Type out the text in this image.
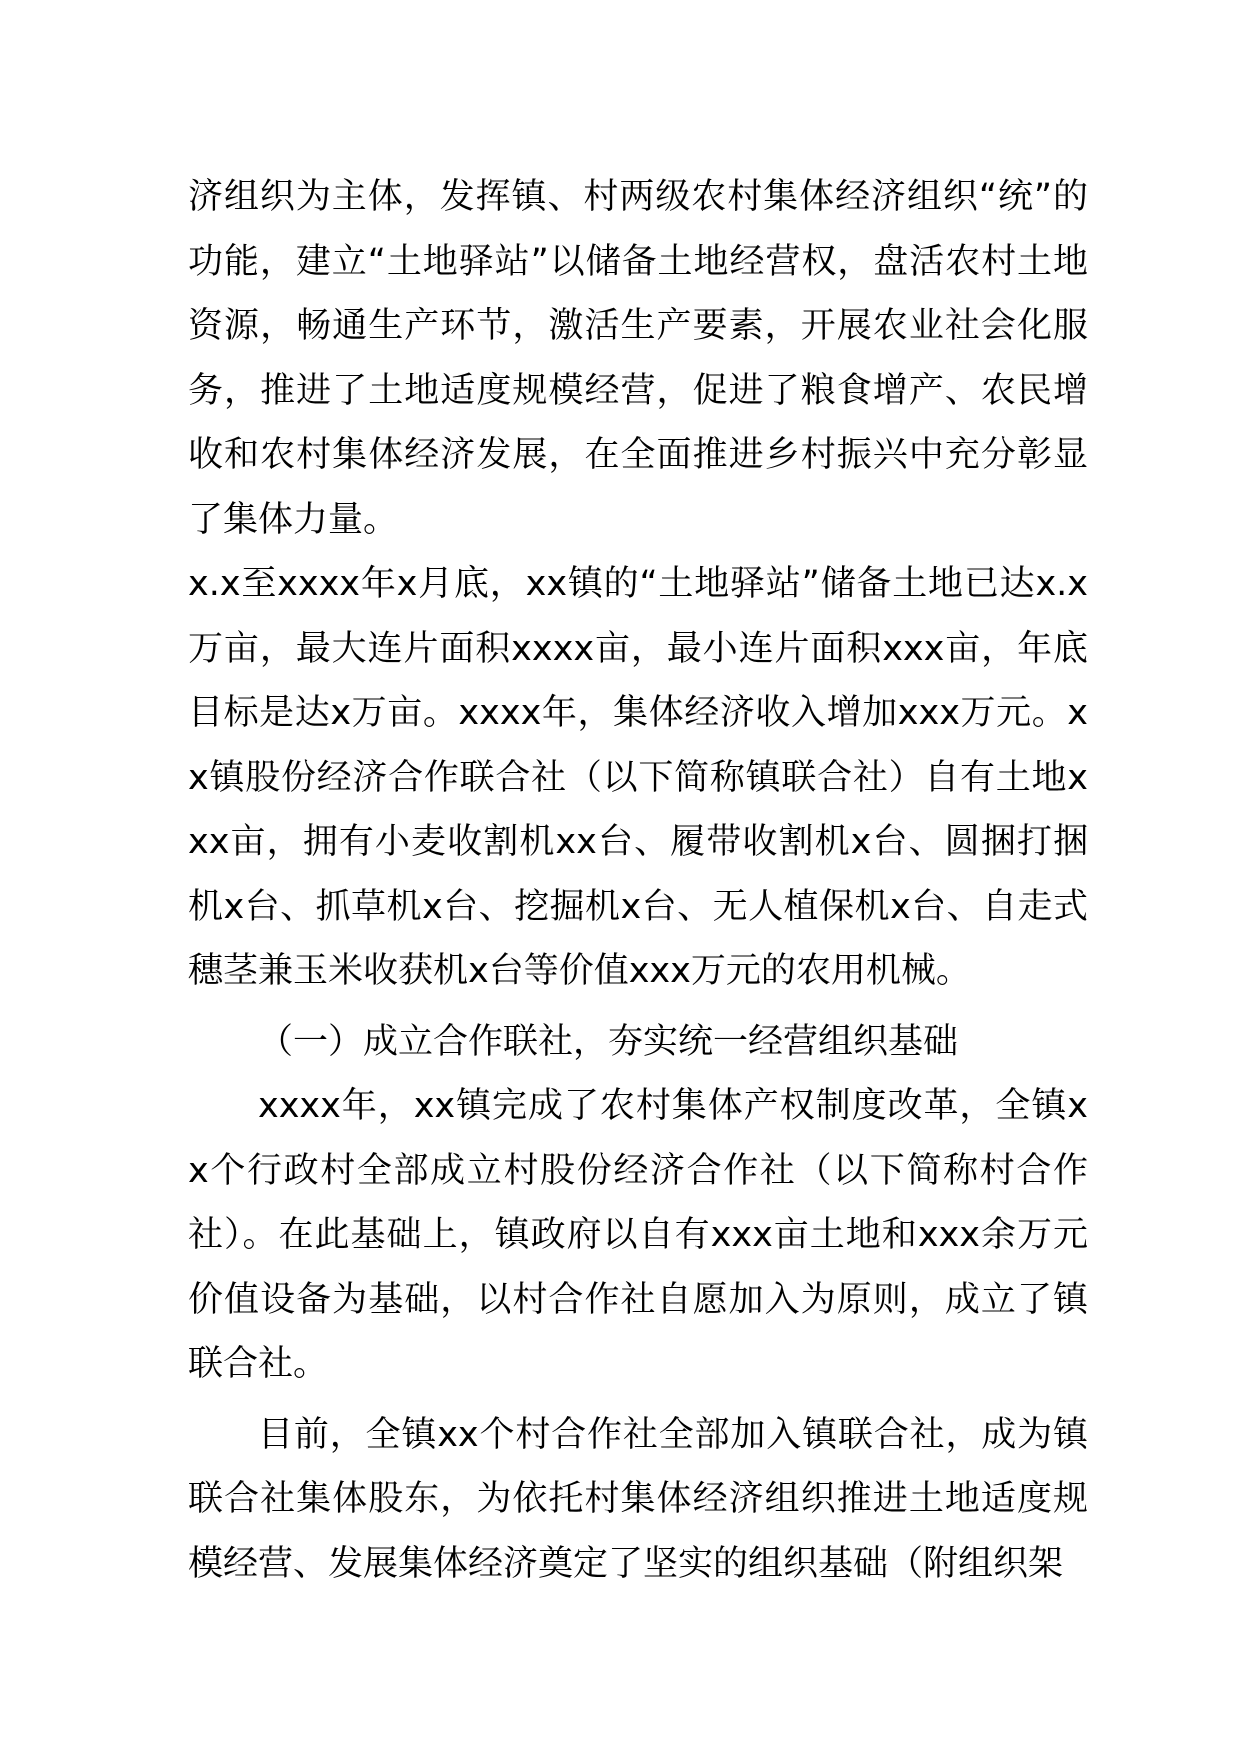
济组织为主体，发挥镇、村两级农村集体经济组织“统”的功能，建立“土地驿站”以储备土地经营权，盘活农村土地资源，畅通生产环节，激活生产要素，开展农业社会化服务，推进了土地适度规模经营，促进了粮食增产、农民增收和农村集体经济发展，在全面推进乡村振兴中充分彰显了集体力量。

x.x至xxxx年x月底，xx镇的“土地驿站”储备土地已达x.x万亩，最大连片面积xxxx亩，最小连片面积xxx亩，年底目标是达x万亩。xxxx年，集体经济收入增加xxx万元。xx镇股份经济合作联合社（以下简称镇联合社）自有土地xxx亩，拥有小麦收割机xx台、履带收割机x台、圆捆打捆机x台、抓草机x台、挖掘机x台、无人植保机x台、自走式穗茎兼玉米收获机x台等价值xxx万元的农用机械。

（一）成立合作联社，夯实统一经营组织基础

xxxx年，xx镇完成了农村集体产权制度改革，全镇xx个行政村全部成立村股份经济合作社（以下简称村合作社）。在此基础上，镇政府以自有xxx亩土地和xxx余万元价值设备为基础，以村合作社自愿加入为原则，成立了镇联合社。

目前，全镇xx个村合作社全部加入镇联合社，成为镇联合社集体股东，为依托村集体经济组织推进土地适度规模经营、发展集体经济奠定了坚实的组织基础（附组织架
